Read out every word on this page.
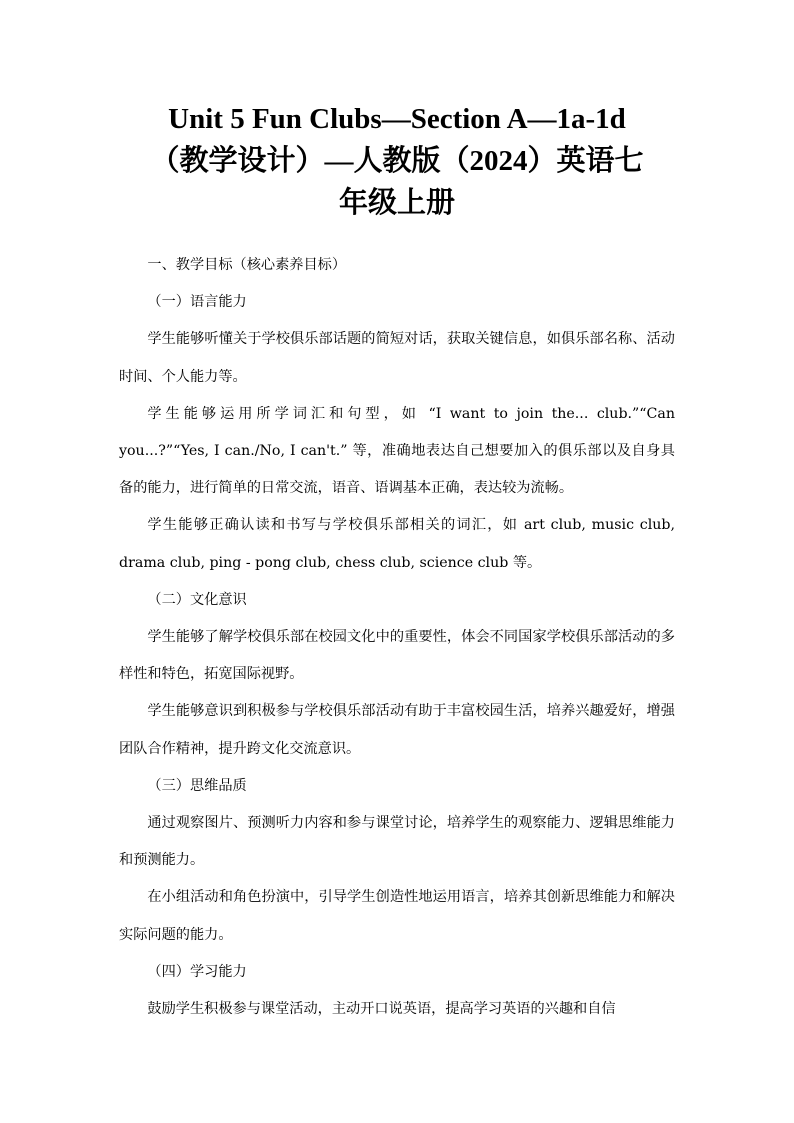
Unit 5 Fun Clubs—Section A—1a-1d
（教学设计）—人教版（2024）英语七
年级上册

一、教学目标（核心素养目标）

（一）语言能力

学生能够听懂关于学校俱乐部话题的简短对话，获取关键信息，如俱乐部名称、活动时间、个人能力等。

学生能够运用所学词汇和句型，如 “I want to join the... club.”“Can you...?”“Yes, I can./No, I can't.” 等，准确地表达自己想要加入的俱乐部以及自身具备的能力，进行简单的日常交流，语音、语调基本正确，表达较为流畅。

学生能够正确认读和书写与学校俱乐部相关的词汇，如 art club, music club, drama club, ping - pong club, chess club, science club 等。

（二）文化意识

学生能够了解学校俱乐部在校园文化中的重要性，体会不同国家学校俱乐部活动的多样性和特色，拓宽国际视野。

学生能够意识到积极参与学校俱乐部活动有助于丰富校园生活，培养兴趣爱好，增强团队合作精神，提升跨文化交流意识。

（三）思维品质

通过观察图片、预测听力内容和参与课堂讨论，培养学生的观察能力、逻辑思维能力和预测能力。

在小组活动和角色扮演中，引导学生创造性地运用语言，培养其创新思维能力和解决实际问题的能力。

（四）学习能力

鼓励学生积极参与课堂活动，主动开口说英语，提高学习英语的兴趣和自信
